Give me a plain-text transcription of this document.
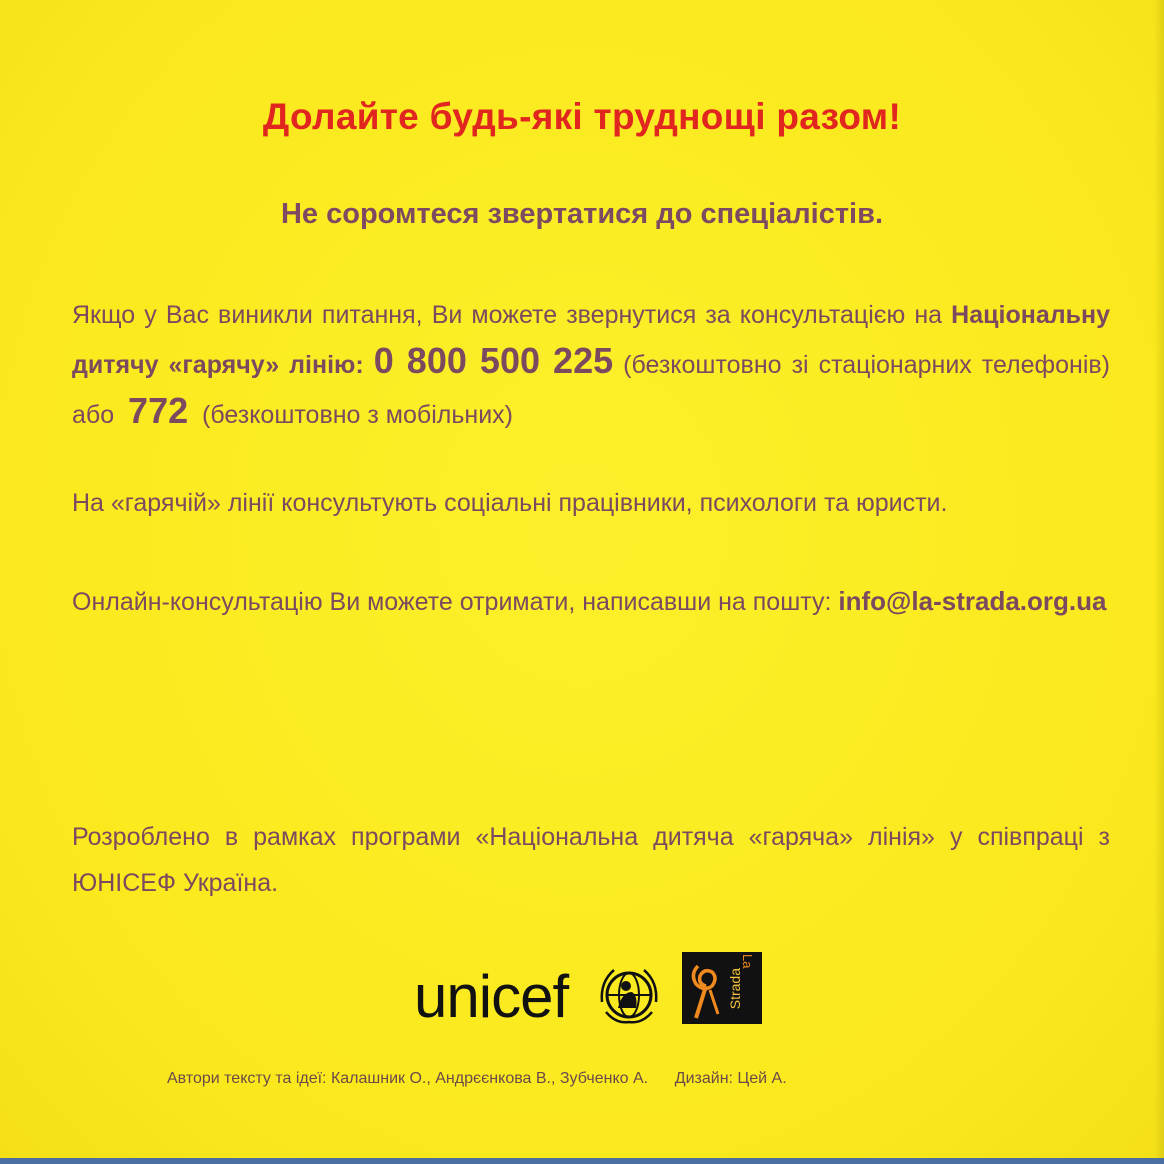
Долайте будь-які труднощі разом!
Не соромтеся звертатися до спеціалістів.
Якщо у Вас виникли питання, Ви можете звернутися за консультацією на Національну дитячу «гарячу» лінію: 0 800 500 225 (безкоштовно зі стаціонарних телефонів) або 772 (безкоштовно з мобільних)
На «гарячій» лінії консультують соціальні працівники, психологи та юристи.
Онлайн-консультацію Ви можете отримати, написавши на пошту: info@la-strada.org.ua
Розроблено в рамках програми «Національна дитяча «гаряча» лінія» у співпраці з ЮНІСЕФ Україна.
unicef
La
Strada
Автори тексту та ідеї: Калашник О., Андрєєнкова В., Зубченко А. Дизайн: Цей А.
